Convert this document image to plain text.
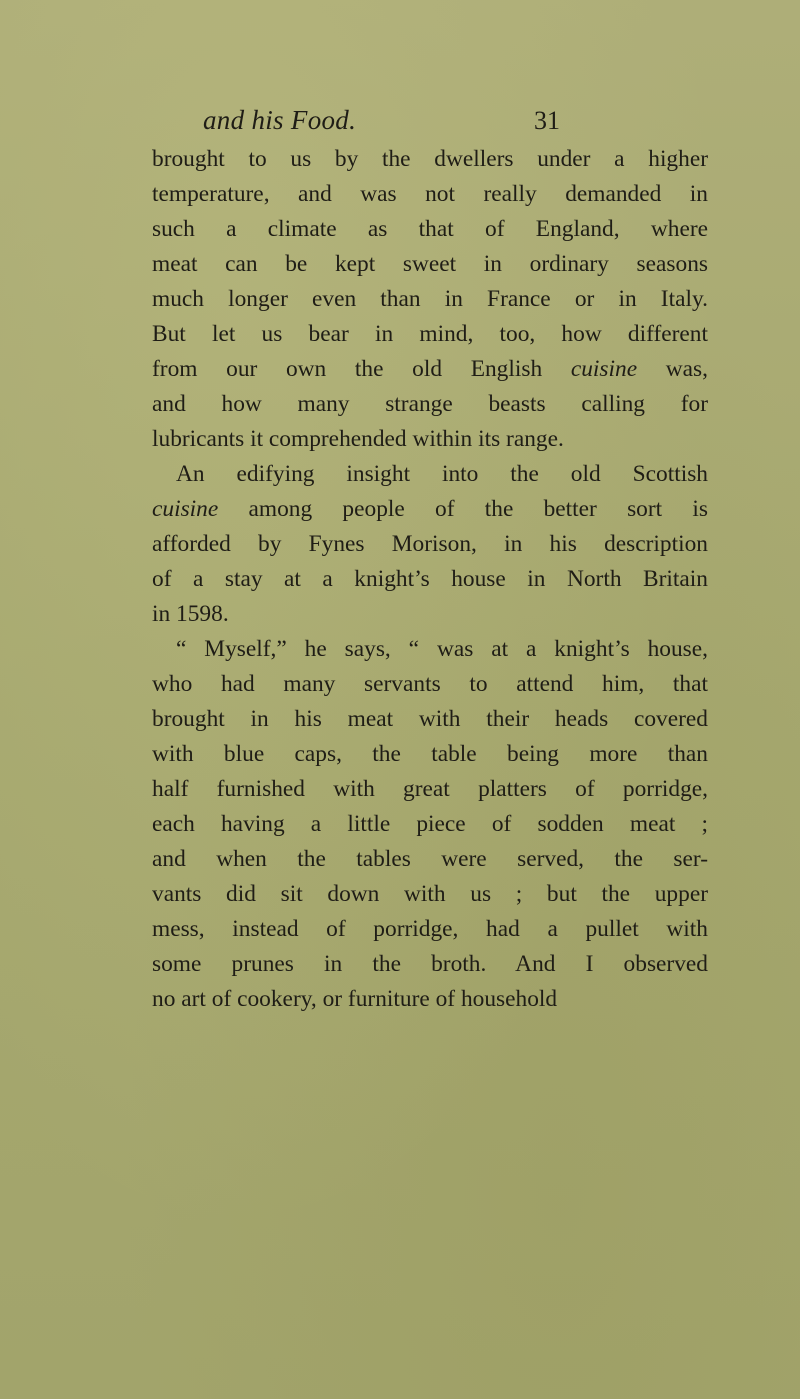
and his Food.	31
brought to us by the dwellers under a higher
temperature, and was not really demanded in
such a climate as that of England, where
meat can be kept sweet in ordinary seasons
much longer even than in France or in Italy.
But let us bear in mind, too, how different
from our own the old English cuisine was,
and how many strange beasts calling for
lubricants it comprehended within its range.
An edifying insight into the old Scottish
cuisine among people of the better sort is
afforded by Fynes Morison, in his description
of a stay at a knight’s house in North Britain
in 1598.
“ Myself,” he says, “ was at a knight’s house,
who had many servants to attend him, that
brought in his meat with their heads covered
with blue caps, the table being more than
half furnished with great platters of porridge,
each having a little piece of sodden meat ;
and when the tables were served, the ser-
vants did sit down with us ; but the upper
mess, instead of porridge, had a pullet with
some prunes in the broth. And I observed
no art of cookery, or furniture of household
